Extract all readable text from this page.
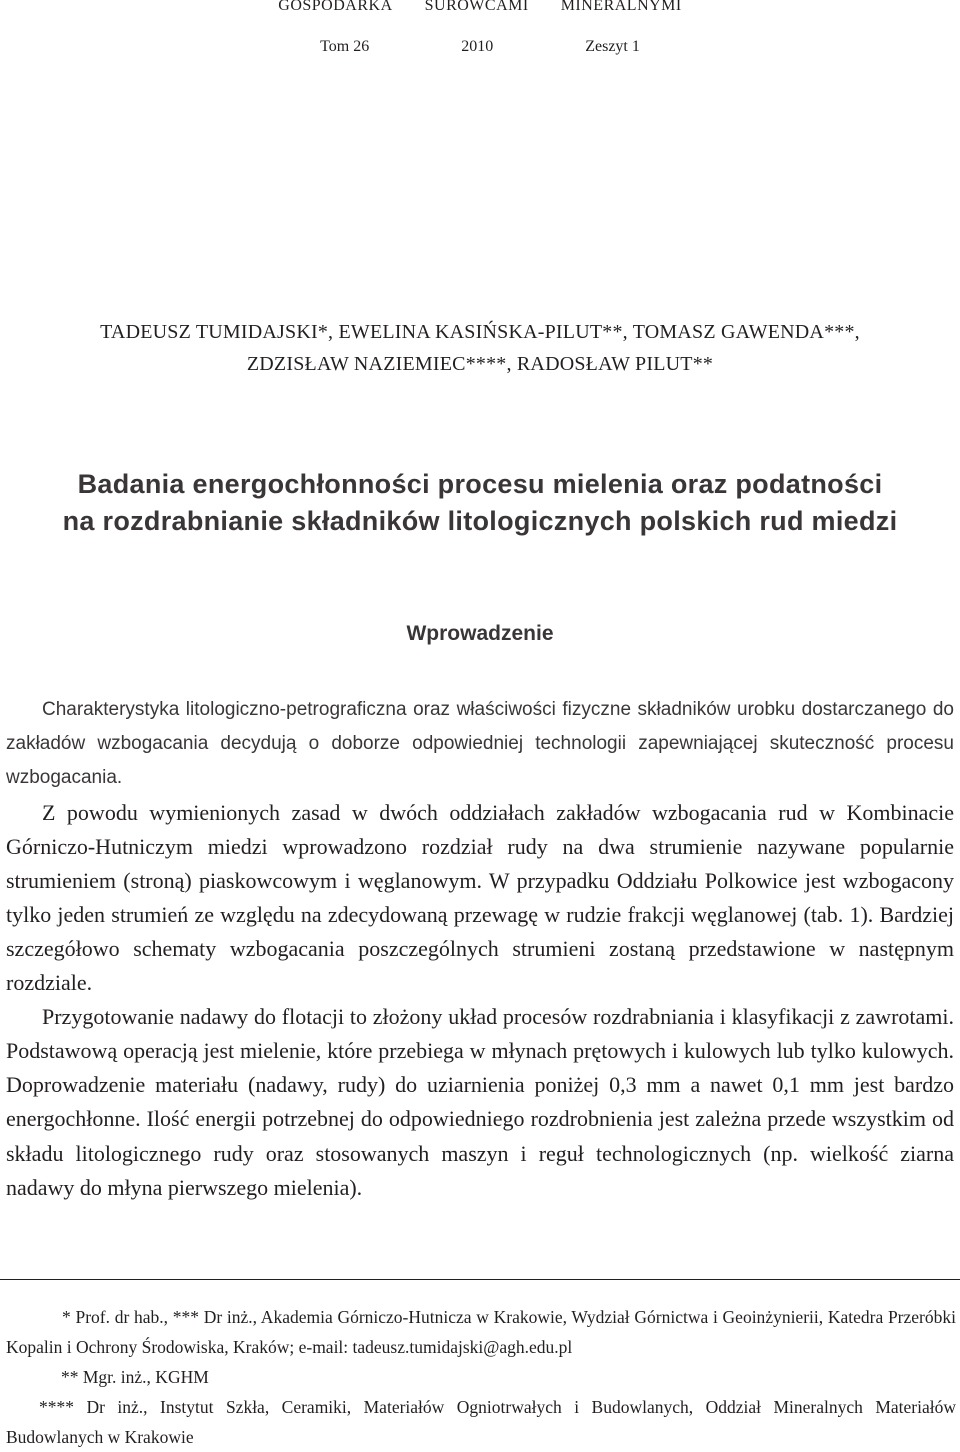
GOSPODARKA SUROWCAMI MINERALNYMI
Tom 26	2010	Zeszyt 1
TADEUSZ TUMIDAJSKI*, EWELINA KASIŃSKA-PILUT**, TOMASZ GAWENDA***,
ZDZISŁAW NAZIEMIEC****, RADOSŁAW PILUT**
Badania energochłonności procesu mielenia oraz podatności
na rozdrabnianie składników litologicznych polskich rud miedzi
Wprowadzenie

Charakterystyka litologiczno-petrograficzna oraz właściwości fizyczne składników urobku dostarczanego do zakładów wzbogacania decydują o doborze odpowiedniej technologii zapewniającej skuteczność procesu wzbogacania.

Z powodu wymienionych zasad w dwóch oddziałach zakładów wzbogacania rud w Kombinacie Górniczo-Hutniczym miedzi wprowadzono rozdział rudy na dwa strumienie nazywane popularnie strumieniem (stroną) piaskowcowym i węglanowym. W przypadku Oddziału Polkowice jest wzbogacony tylko jeden strumień ze względu na zdecydowaną przewagę w rudzie frakcji węglanowej (tab. 1). Bardziej szczegółowo schematy wzbogacania poszczególnych strumieni zostaną przedstawione w następnym rozdziale.

Przygotowanie nadawy do flotacji to złożony układ procesów rozdrabniania i klasyfikacji z zawrotami. Podstawową operacją jest mielenie, które przebiega w młynach prętowych i kulowych lub tylko kulowych. Doprowadzenie materiału (nadawy, rudy) do uziarnienia poniżej 0,3 mm a nawet 0,1 mm jest bardzo energochłonne. Ilość energii potrzebnej do odpowiedniego rozdrobnienia jest zależna przede wszystkim od składu litologicznego rudy oraz stosowanych maszyn i reguł technologicznych (np. wielkość ziarna nadawy do młyna pierwszego mielenia).

* Prof. dr hab., *** Dr inż., Akademia Górniczo-Hutnicza w Krakowie, Wydział Górnictwa i Geoinżynierii, Katedra Przeróbki Kopalin i Ochrony Środowiska, Kraków; e-mail: tadeusz.tumidajski@agh.edu.pl

** Mgr. inż., KGHM

**** Dr inż., Instytut Szkła, Ceramiki, Materiałów Ogniotrwałych i Budowlanych, Oddział Mineralnych Materiałów Budowlanych w Krakowie
